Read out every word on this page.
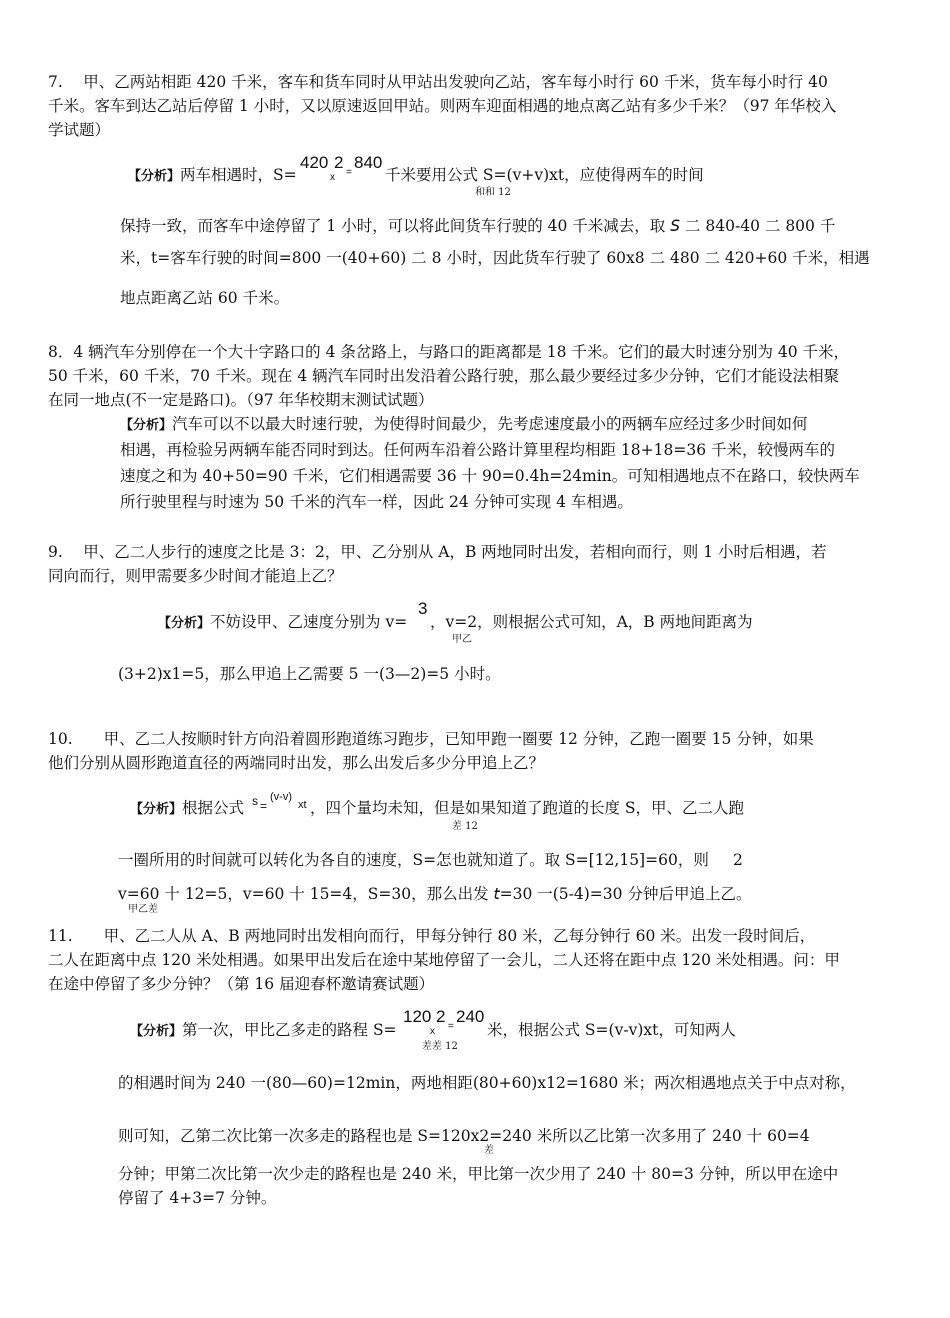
7.　 甲、乙两站相距 420 千米，客车和货车同时从甲站出发驶向乙站，客车每小时行 60 千米，货车每小时行 40
千米。客车到达乙站后停留 1 小时，又以原速返回甲站。则两车迎面相遇的地点离乙站有多少千米？（97 年华校入
学试题）
【分析】两车相遇时，S=
420
x
2
=
840
千米要用公式 S=(v+v)xt，应使得两车的时间
和和 12
保持一致，而客车中途停留了 1 小时，可以将此间货车行驶的 40 千米减去，取 𝘚 二 840-40 二 800 千
米，t=客车行驶的时间=800 一(40+60) 二 8 小时，因此货车行驶了 60x8 二 480 二 420+60 千米，相遇
地点距离乙站 60 千米。
8．4 辆汽车分别停在一个大十字路口的 4 条岔路上，与路口的距离都是 18 千米。它们的最大时速分别为 40 千米，
50 千米，60 千米，70 千米。现在 4 辆汽车同时出发沿着公路行驶，那么最少要经过多少分钟，它们才能设法相聚
在同一地点(不一定是路口)。（97 年华校期末测试试题）
【分析】汽车可以不以最大时速行驶，为使得时间最少，先考虑速度最小的两辆车应经过多少时间如何
相遇，再检验另两辆车能否同时到达。任何两车沿着公路计算里程均相距 18+18=36 千米，较慢两车的
速度之和为 40+50=90 千米，它们相遇需要 36 十 90=0.4h=24min。可知相遇地点不在路口，较快两车
所行驶里程与时速为 50 千米的汽车一样，因此 24 分钟可实现 4 车相遇。
9.　 甲、乙二人步行的速度之比是 3：2，甲、乙分别从 A，B 两地同时出发，若相向而行，则 1 小时后相遇，若
同向而行，则甲需要多少时间才能追上乙？
【分析】不妨设甲、乙速度分别为 v=
3
，v=2，则根据公式可知，A，B 两地间距离为
甲乙
(3+2)x1=5，那么甲追上乙需要 5 一(3—2)=5 小时。
10.　　甲、乙二人按顺时针方向沿着圆形跑道练习跑步，已知甲跑一圈要 12 分钟，乙跑一圈要 15 分钟，如果
他们分别从圆形跑道直径的两端同时出发，那么出发后多少分甲追上乙？
【分析】根据公式 s =
(v-v)
xt ，四个量均未知，但是如果知道了跑道的长度 S，甲、乙二人跑
差 12
一圈所用的时间就可以转化为各自的速度，S=怎也就知道了。取 S=[12,15]=60，则 2
v=60 十 12=5，v=60 十 15=4，S=30，那么出发 𝘵=30 一(5-4)=30 分钟后甲追上乙。
甲乙差
11.　　甲、乙二人从 A、B 两地同时出发相向而行，甲每分钟行 80 米，乙每分钟行 60 米。出发一段时间后，
二人在距离中点 120 米处相遇。如果甲出发后在途中某地停留了一会儿，二人还将在距中点 120 米处相遇。问：甲
在途中停留了多少分钟？（第 16 届迎春杯邀请赛试题）
【分析】第一次，甲比乙多走的路程 S=
120
x
2
=
240
米，根据公式 S=(v-v)xt，可知两人
差差 12
的相遇时间为 240 一(80—60)=12min，两地相距(80+60)x12=1680 米；两次相遇地点关于中点对称，
则可知，乙第二次比第一次多走的路程也是 S=120x2=240 米所以乙比第一次多用了 240 十 60=4
差
分钟；甲第二次比第一次少走的路程也是 240 米，甲比第一次少用了 240 十 80=3 分钟，所以甲在途中
停留了 4+3=7 分钟。
